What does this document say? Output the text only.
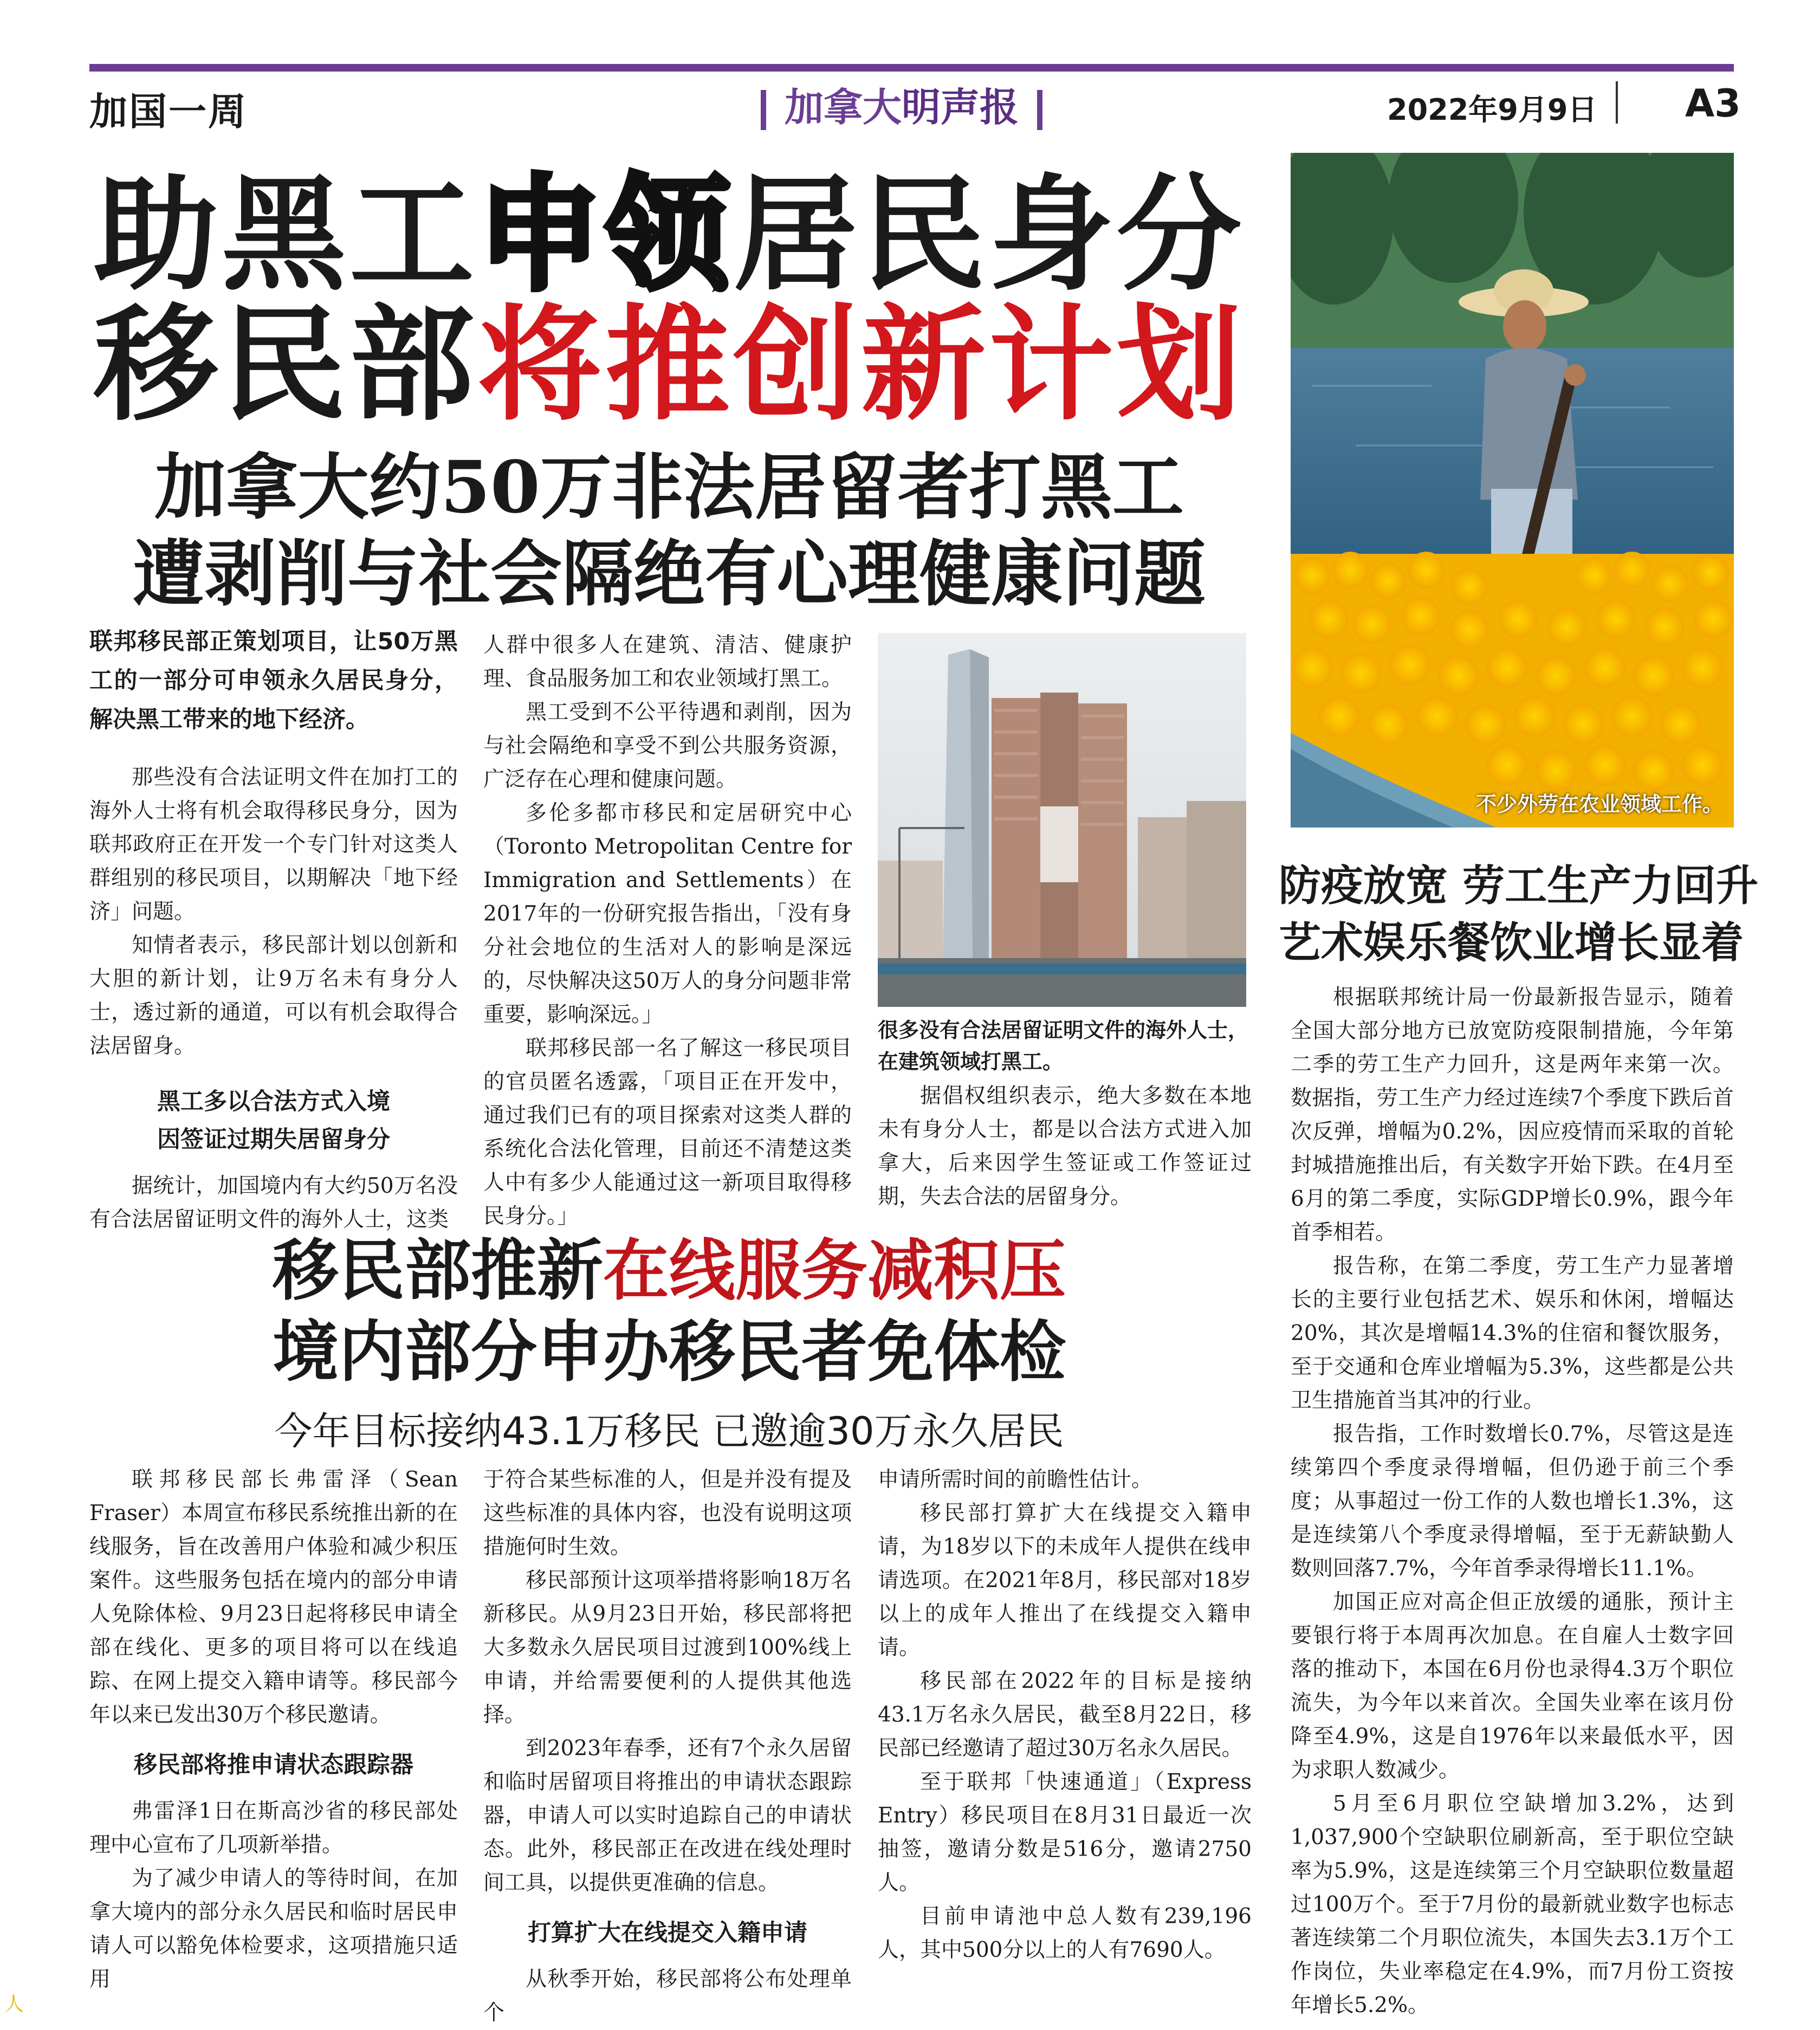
加国一周	加拿大明声报	2022年9月9日 A3
助黑工申领居民身分
移民部将推创新计划
加拿大约50万非法居留者打黑工
遭剥削与社会隔绝有心理健康问题

联邦移民部正策划项目，让50万黑工的一部分可申领永久居民身分，解决黑工带来的地下经济。

那些没有合法证明文件在加打工的海外人士将有机会取得移民身分，因为联邦政府正在开发一个专门针对这类人群组别的移民项目，以期解决「地下经济」问题。

知情者表示，移民部计划以创新和大胆的新计划，让9万名未有身分人士，透过新的通道，可以有机会取得合法居留身。

黑工多以合法方式入境
因签证过期失居留身分

据统计，加国境内有大约50万名没有合法居留证明文件的海外人士，这类

人群中很多人在建筑、清洁、健康护理、食品服务加工和农业领域打黑工。

黑工受到不公平待遇和剥削，因为与社会隔绝和享受不到公共服务资源，广泛存在心理和健康问题。

多伦多都市移民和定居研究中心（Toronto Metropolitan Centre for Immigration and Settlements）在2017年的一份研究报告指出，「没有身分社会地位的生活对人的影响是深远的，尽快解决这50万人的身分问题非常重要，影响深远。」

联邦移民部一名了解这一移民项目的官员匿名透露，「项目正在开发中，通过我们已有的项目探索对这类人群的系统化合法化管理，目前还不清楚这类人中有多少人能通过这一新项目取得移民身分。」

很多没有合法居留证明文件的海外人士，在建筑领域打黑工。

据倡权组织表示，绝大多数在本地未有身分人士，都是以合法方式进入加拿大，后来因学生签证或工作签证过期，失去合法的居留身分。

移民部推新在线服务减积压
境内部分申办移民者免体检
今年目标接纳43.1万移民 已邀逾30万永久居民

联邦移民部长弗雷泽（Sean Fraser）本周宣布移民系统推出新的在线服务，旨在改善用户体验和减少积压案件。这些服务包括在境内的部分申请人免除体检、9月23日起将移民申请全部在线化、更多的项目将可以在线追踪、在网上提交入籍申请等。移民部今年以来已发出30万个移民邀请。

移民部将推申请状态跟踪器

弗雷泽1日在斯高沙省的移民部处理中心宣布了几项新举措。

为了减少申请人的等待时间，在加拿大境内的部分永久居民和临时居民申请人可以豁免体检要求，这项措施只适用

于符合某些标准的人，但是并没有提及这些标准的具体内容，也没有说明这项措施何时生效。

移民部预计这项举措将影响18万名新移民。从9月23日开始，移民部将把大多数永久居民项目过渡到100%线上申请，并给需要便利的人提供其他选择。

到2023年春季，还有7个永久居留和临时居留项目将推出的申请状态跟踪器，申请人可以实时追踪自己的申请状态。此外，移民部正在改进在线处理时间工具，以提供更准确的信息。

打算扩大在线提交入籍申请

从秋季开始，移民部将公布处理单个

申请所需时间的前瞻性估计。

移民部打算扩大在线提交入籍申请，为18岁以下的未成年人提供在线申请选项。在2021年8月，移民部对18岁以上的成年人推出了在线提交入籍申请。

移民部在2022年的目标是接纳43.1万名永久居民，截至8月22日，移民部已经邀请了超过30万名永久居民。

至于联邦「快速通道」（Express Entry）移民项目在8月31日最近一次抽签，邀请分数是516分，邀请2750人。

目前申请池中总人数有239,196人，其中500分以上的人有7690人。

不少外劳在农业领域工作。
防疫放宽 劳工生产力回升
艺术娱乐餐饮业增长显着

根据联邦统计局一份最新报告显示，随着全国大部分地方已放宽防疫限制措施，今年第二季的劳工生产力回升，这是两年来第一次。数据指，劳工生产力经过连续7个季度下跌后首次反弹，增幅为0.2%，因应疫情而采取的首轮封城措施推出后，有关数字开始下跌。在4月至6月的第二季度，实际GDP增长0.9%，跟今年首季相若。

报告称，在第二季度，劳工生产力显著增长的主要行业包括艺术、娱乐和休闲，增幅达20%，其次是增幅14.3%的住宿和餐饮服务，至于交通和仓库业增幅为5.3%，这些都是公共卫生措施首当其冲的行业。

报告指，工作时数增长0.7%，尽管这是连续第四个季度录得增幅，但仍逊于前三个季度；从事超过一份工作的人数也增长1.3%，这是连续第八个季度录得增幅，至于无薪缺勤人数则回落7.7%，今年首季录得增长11.1%。

加国正应对高企但正放缓的通胀，预计主要银行将于本周再次加息。在自雇人士数字回落的推动下，本国在6月份也录得4.3万个职位流失，为今年以来首次。全国失业率在该月份降至4.9%，这是自1976年以来最低水平，因为求职人数减少。

5月至6月职位空缺增加3.2%，达到1,037,900个空缺职位刷新高，至于职位空缺率为5.9%，这是连续第三个月空缺职位数量超过100万个。至于7月份的最新就业数字也标志著连续第二个月职位流失，本国失去3.1万个工作岗位，失业率稳定在4.9%，而7月份工资按年增长5.2%。

人
